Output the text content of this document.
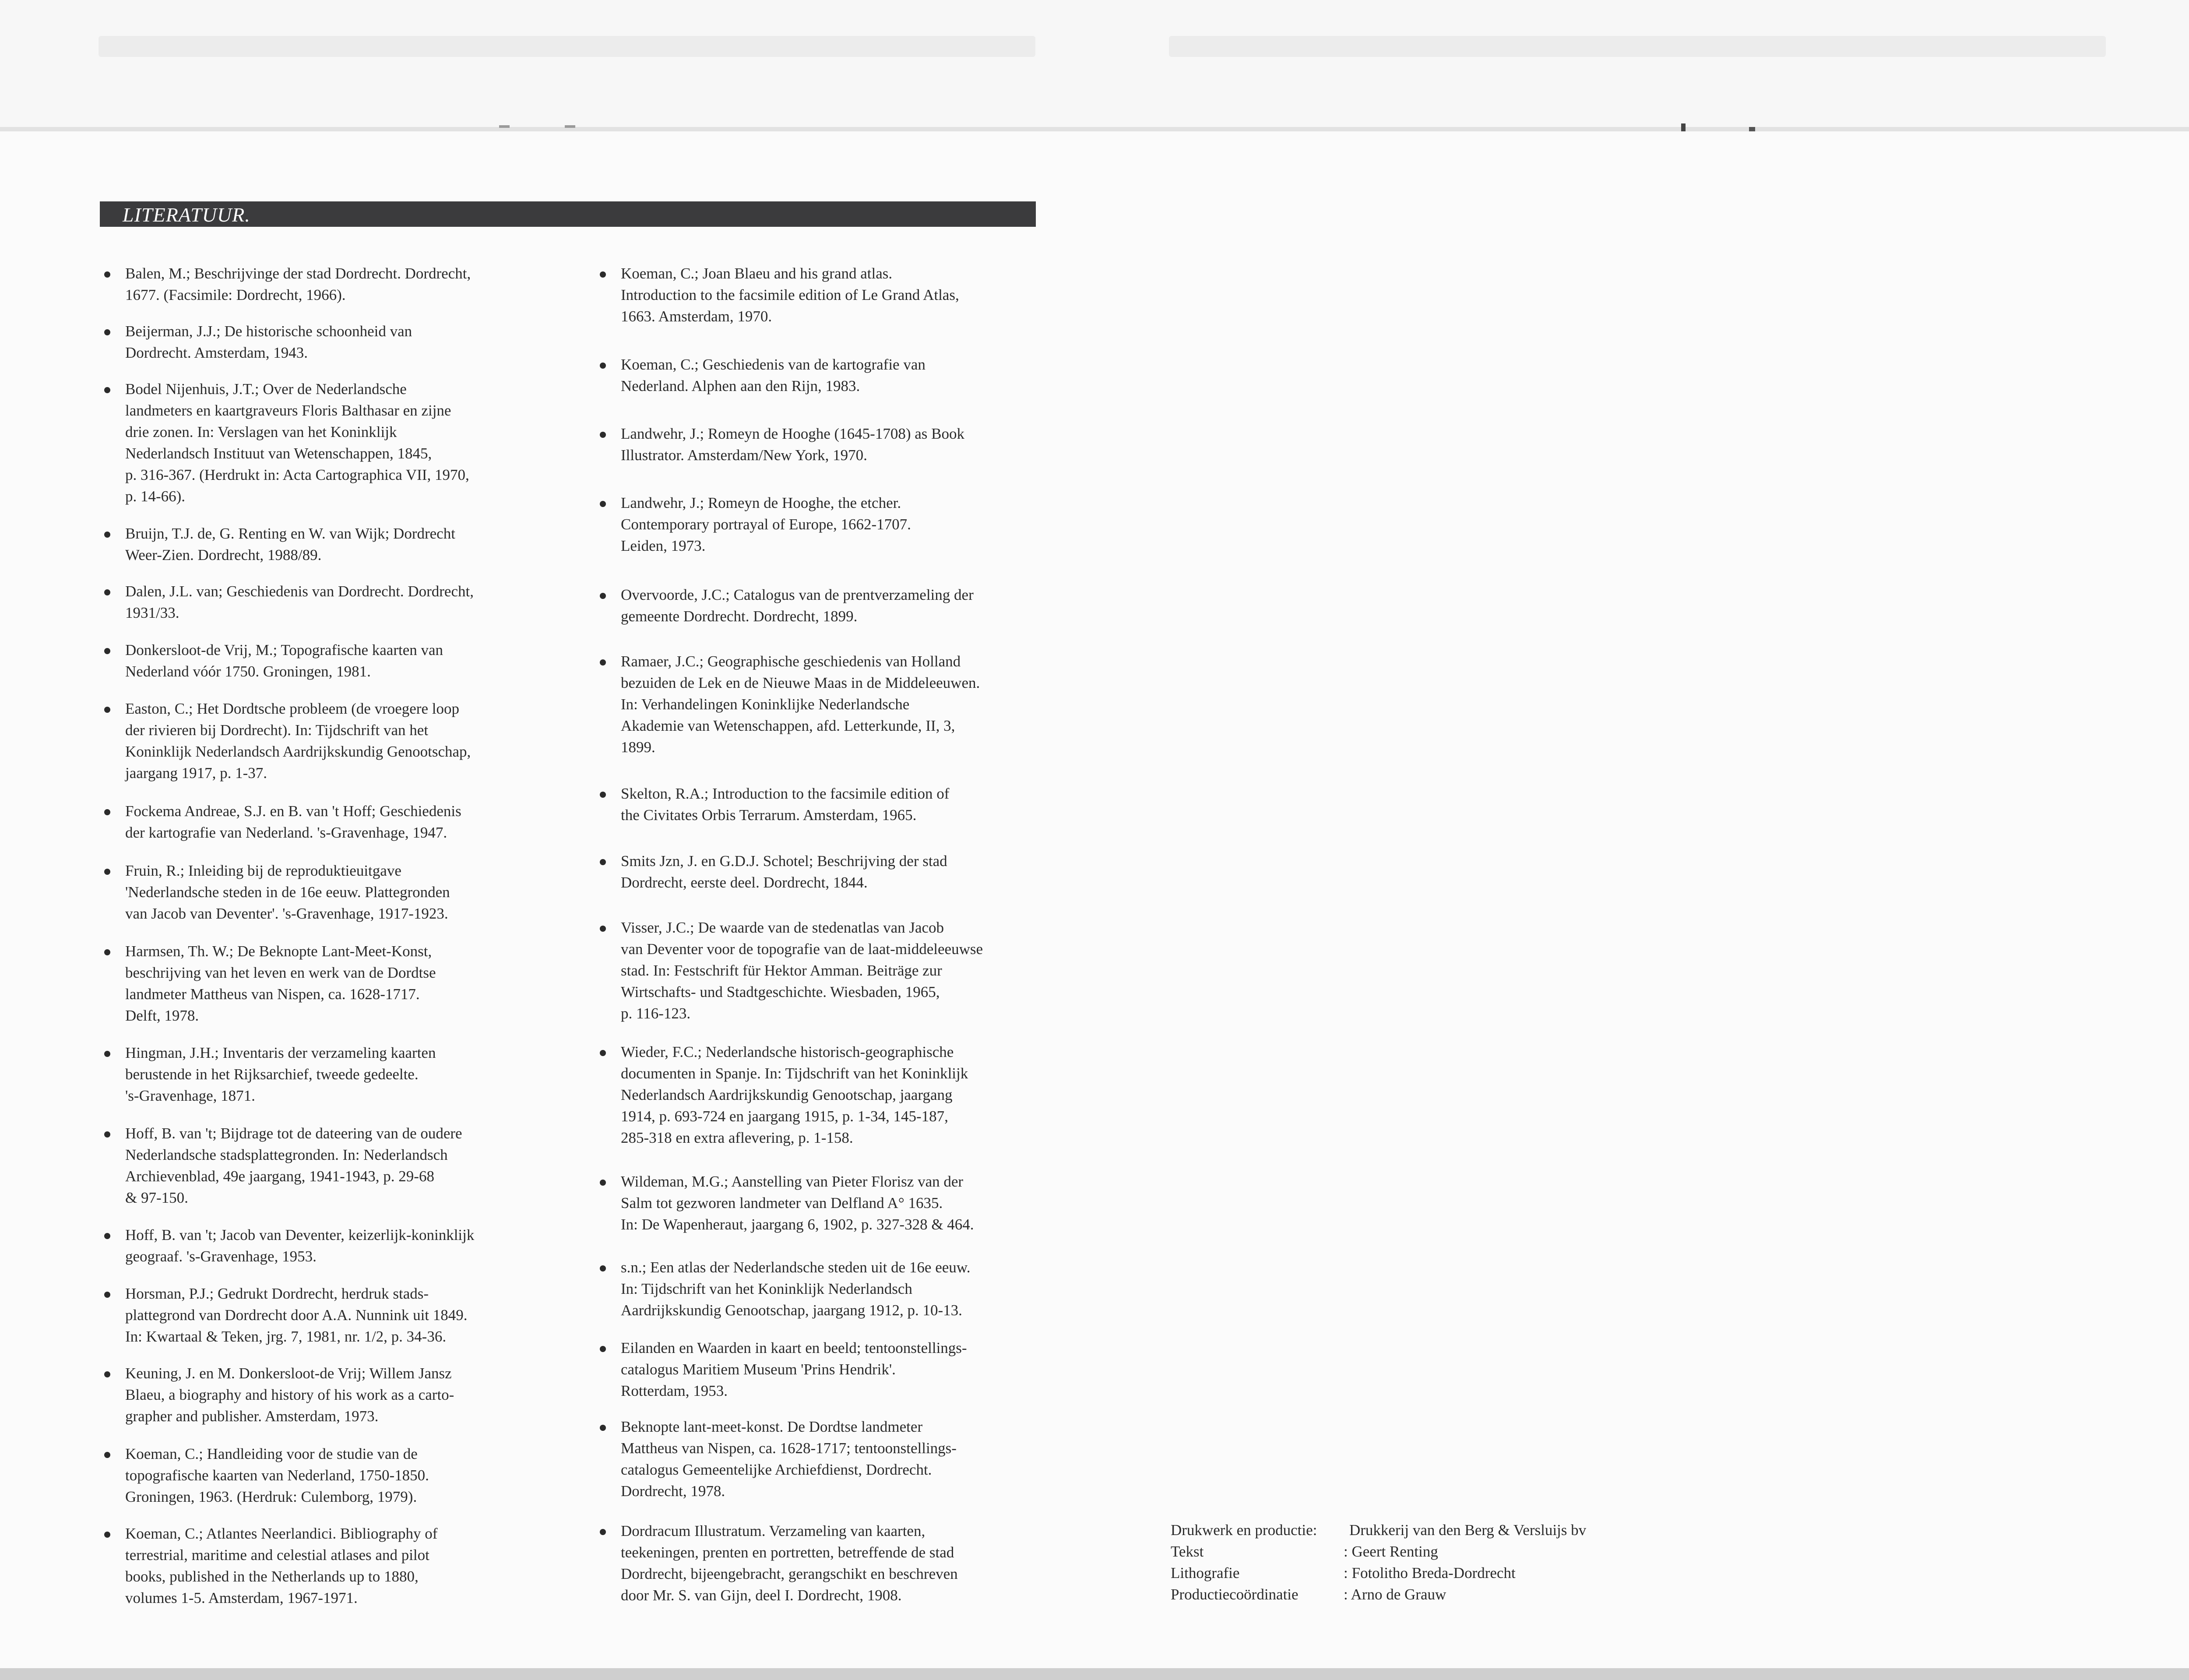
LITERATUUR.
Balen, M.; Beschrijvinge der stad Dordrecht. Dordrecht,
1677. (Facsimile: Dordrecht, 1966).
Beijerman, J.J.; De historische schoonheid van
Dordrecht. Amsterdam, 1943.
Bodel Nijenhuis, J.T.; Over de Nederlandsche
landmeters en kaartgraveurs Floris Balthasar en zijne
drie zonen. In: Verslagen van het Koninklijk
Nederlandsch Instituut van Wetenschappen, 1845,
p. 316-367. (Herdrukt in: Acta Cartographica VII, 1970,
p. 14-66).
Bruijn, T.J. de, G. Renting en W. van Wijk; Dordrecht
Weer-Zien. Dordrecht, 1988/89.
Dalen, J.L. van; Geschiedenis van Dordrecht. Dordrecht,
1931/33.
Donkersloot-de Vrij, M.; Topografische kaarten van
Nederland vóór 1750. Groningen, 1981.
Easton, C.; Het Dordtsche probleem (de vroegere loop
der rivieren bij Dordrecht). In: Tijdschrift van het
Koninklijk Nederlandsch Aardrijkskundig Genootschap,
jaargang 1917, p. 1-37.
Fockema Andreae, S.J. en B. van 't Hoff; Geschiedenis
der kartografie van Nederland. 's-Gravenhage, 1947.
Fruin, R.; Inleiding bij de reproduktieuitgave
'Nederlandsche steden in de 16e eeuw. Plattegronden
van Jacob van Deventer'. 's-Gravenhage, 1917-1923.
Harmsen, Th. W.; De Beknopte Lant-Meet-Konst,
beschrijving van het leven en werk van de Dordtse
landmeter Mattheus van Nispen, ca. 1628-1717.
Delft, 1978.
Hingman, J.H.; Inventaris der verzameling kaarten
berustende in het Rijksarchief, tweede gedeelte.
's-Gravenhage, 1871.
Hoff, B. van 't; Bijdrage tot de dateering van de oudere
Nederlandsche stadsplattegronden. In: Nederlandsch
Archievenblad, 49e jaargang, 1941-1943, p. 29-68
& 97-150.
Hoff, B. van 't; Jacob van Deventer, keizerlijk-koninklijk
geograaf. 's-Gravenhage, 1953.
Horsman, P.J.; Gedrukt Dordrecht, herdruk stads-
plattegrond van Dordrecht door A.A. Nunnink uit 1849.
In: Kwartaal & Teken, jrg. 7, 1981, nr. 1/2, p. 34-36.
Keuning, J. en M. Donkersloot-de Vrij; Willem Jansz
Blaeu, a biography and history of his work as a carto-
grapher and publisher. Amsterdam, 1973.
Koeman, C.; Handleiding voor de studie van de
topografische kaarten van Nederland, 1750-1850.
Groningen, 1963. (Herdruk: Culemborg, 1979).
Koeman, C.; Atlantes Neerlandici. Bibliography of
terrestrial, maritime and celestial atlases and pilot
books, published in the Netherlands up to 1880,
volumes 1-5. Amsterdam, 1967-1971.
Koeman, C.; Joan Blaeu and his grand atlas.
Introduction to the facsimile edition of Le Grand Atlas,
1663. Amsterdam, 1970.
Koeman, C.; Geschiedenis van de kartografie van
Nederland. Alphen aan den Rijn, 1983.
Landwehr, J.; Romeyn de Hooghe (1645-1708) as Book
Illustrator. Amsterdam/New York, 1970.
Landwehr, J.; Romeyn de Hooghe, the etcher.
Contemporary portrayal of Europe, 1662-1707.
Leiden, 1973.
Overvoorde, J.C.; Catalogus van de prentverzameling der
gemeente Dordrecht. Dordrecht, 1899.
Ramaer, J.C.; Geographische geschiedenis van Holland
bezuiden de Lek en de Nieuwe Maas in de Middeleeuwen.
In: Verhandelingen Koninklijke Nederlandsche
Akademie van Wetenschappen, afd. Letterkunde, II, 3,
1899.
Skelton, R.A.; Introduction to the facsimile edition of
the Civitates Orbis Terrarum. Amsterdam, 1965.
Smits Jzn, J. en G.D.J. Schotel; Beschrijving der stad
Dordrecht, eerste deel. Dordrecht, 1844.
Visser, J.C.; De waarde van de stedenatlas van Jacob
van Deventer voor de topografie van de laat-middeleeuwse
stad. In: Festschrift für Hektor Amman. Beiträge zur
Wirtschafts- und Stadtgeschichte. Wiesbaden, 1965,
p. 116-123.
Wieder, F.C.; Nederlandsche historisch-geographische
documenten in Spanje. In: Tijdschrift van het Koninklijk
Nederlandsch Aardrijkskundig Genootschap, jaargang
1914, p. 693-724 en jaargang 1915, p. 1-34, 145-187,
285-318 en extra aflevering, p. 1-158.
Wildeman, M.G.; Aanstelling van Pieter Florisz van der
Salm tot gezworen landmeter van Delfland A° 1635.
In: De Wapenheraut, jaargang 6, 1902, p. 327-328 & 464.
s.n.; Een atlas der Nederlandsche steden uit de 16e eeuw.
In: Tijdschrift van het Koninklijk Nederlandsch
Aardrijkskundig Genootschap, jaargang 1912, p. 10-13.
Eilanden en Waarden in kaart en beeld; tentoonstellings-
catalogus Maritiem Museum 'Prins Hendrik'.
Rotterdam, 1953.
Beknopte lant-meet-konst. De Dordtse landmeter
Mattheus van Nispen, ca. 1628-1717; tentoonstellings-
catalogus Gemeentelijke Archiefdienst, Dordrecht.
Dordrecht, 1978.
Dordracum Illustratum. Verzameling van kaarten,
teekeningen, prenten en portretten, betreffende de stad
Dordrecht, bijeengebracht, gerangschikt en beschreven
door Mr. S. van Gijn, deel I. Dordrecht, 1908.
Drukwerk en productie: Drukkerij van den Berg & Versluijs bv
Tekst	: Geert Renting
Lithografie	: Fotolitho Breda-Dordrecht
Productiecoördinatie	: Arno de Grauw
